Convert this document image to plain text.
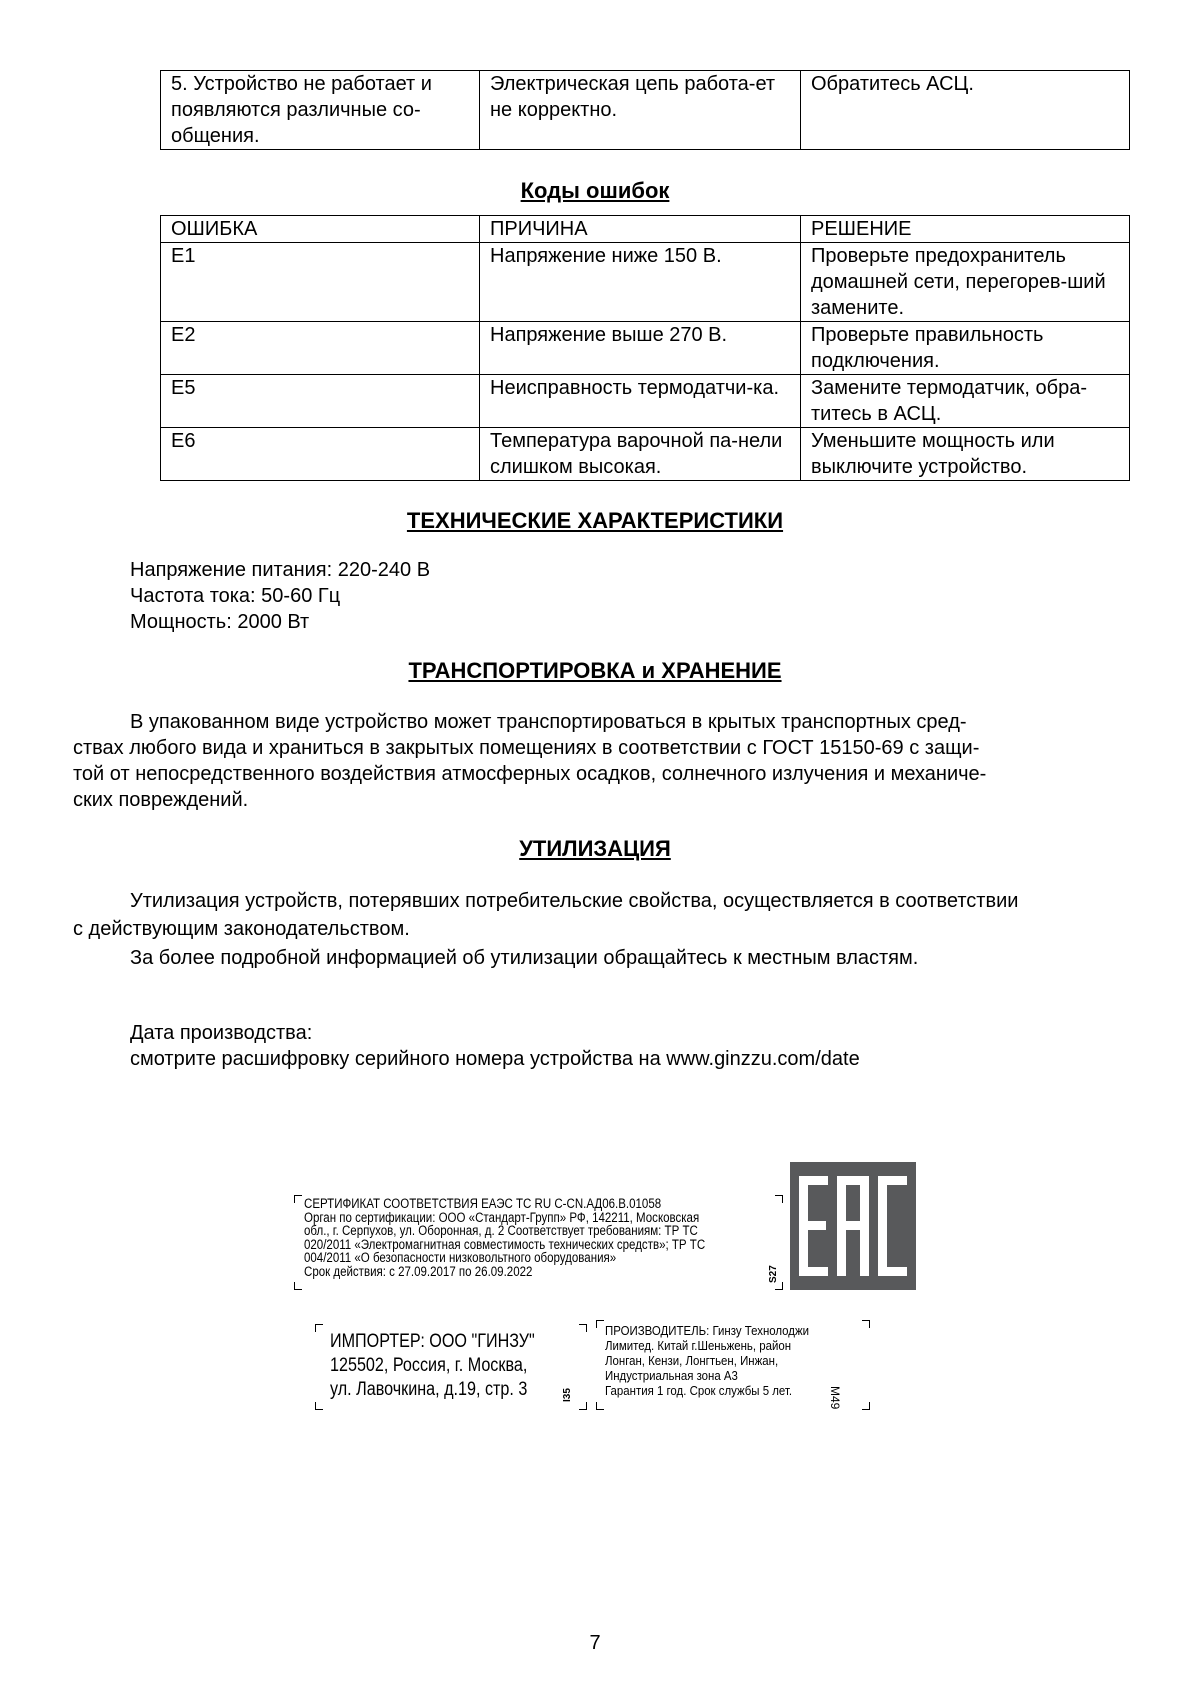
5. Устройство не работает и появляются различные со-общения.	Электрическая цепь работа-ет не корректно.	Обратитесь АСЦ.
Коды ошибок
ОШИБКА	ПРИЧИНА	РЕШЕНИЕ
E1	Напряжение ниже 150 В.	Проверьте предохранитель домашней сети, перегорев-ший замените.
E2	Напряжение выше 270 В.	Проверьте правильность подключения.
E5	Неисправность термодатчи-ка.	Замените термодатчик, обра-титесь в АСЦ.
E6	Температура варочной па-нели слишком высокая.	Уменьшите мощность или выключите устройство.
ТЕХНИЧЕСКИЕ ХАРАКТЕРИСТИКИ

Напряжение питания: 220-240 В

Частота тока: 50-60 Гц

Мощность: 2000 Вт

ТРАНСПОРТИРОВКА и ХРАНЕНИЕ

В упакованном виде устройство может транспортироваться в крытых транспортных сред-

ствах любого вида и храниться в закрытых помещениях в соответствии с ГОСТ 15150-69 с защи-

той от непосредственного воздействия атмосферных осадков, солнечного излучения и механиче-

ских повреждений.

УТИЛИЗАЦИЯ

Утилизация устройств, потерявших потребительские свойства, осуществляется в соответствии

с действующим законодательством.

За более подробной информацией об утилизации обращайтесь к местным властям.

Дата производства:

смотрите расшифровку серийного номера устройства на www.ginzzu.com/date

СЕРТИФИКАТ СООТВЕТСТВИЯ ЕАЭС ТС RU С-CN.АД06.В.01058
Орган по сертификации: ООО «Стандарт-Групп» РФ, 142211, Московская
обл., г. Серпухов, ул. Оборонная, д. 2 Соответствует требованиям: ТР ТС
020/2011 «Электромагнитная совместимость технических средств»; ТР ТС
004/2011 «О безопасности низковольтного оборудования»
Срок действия: с 27.09.2017 по 26.09.2022	S27
ИМПОРТЕР: ООО "ГИНЗУ"
125502, Россия, г. Москва,
ул. Лавочкина, д.19, стр. 3	I35
ПРОИЗВОДИТЕЛЬ: Гинзу Технолоджи
Лимитед. Китай г.Шеньжень, район
Лонган, Кензи, Лонгтьен, Инжан,
Индустриальная зона А3
Гарантия 1 год. Срок службы 5 лет.	M49
7
